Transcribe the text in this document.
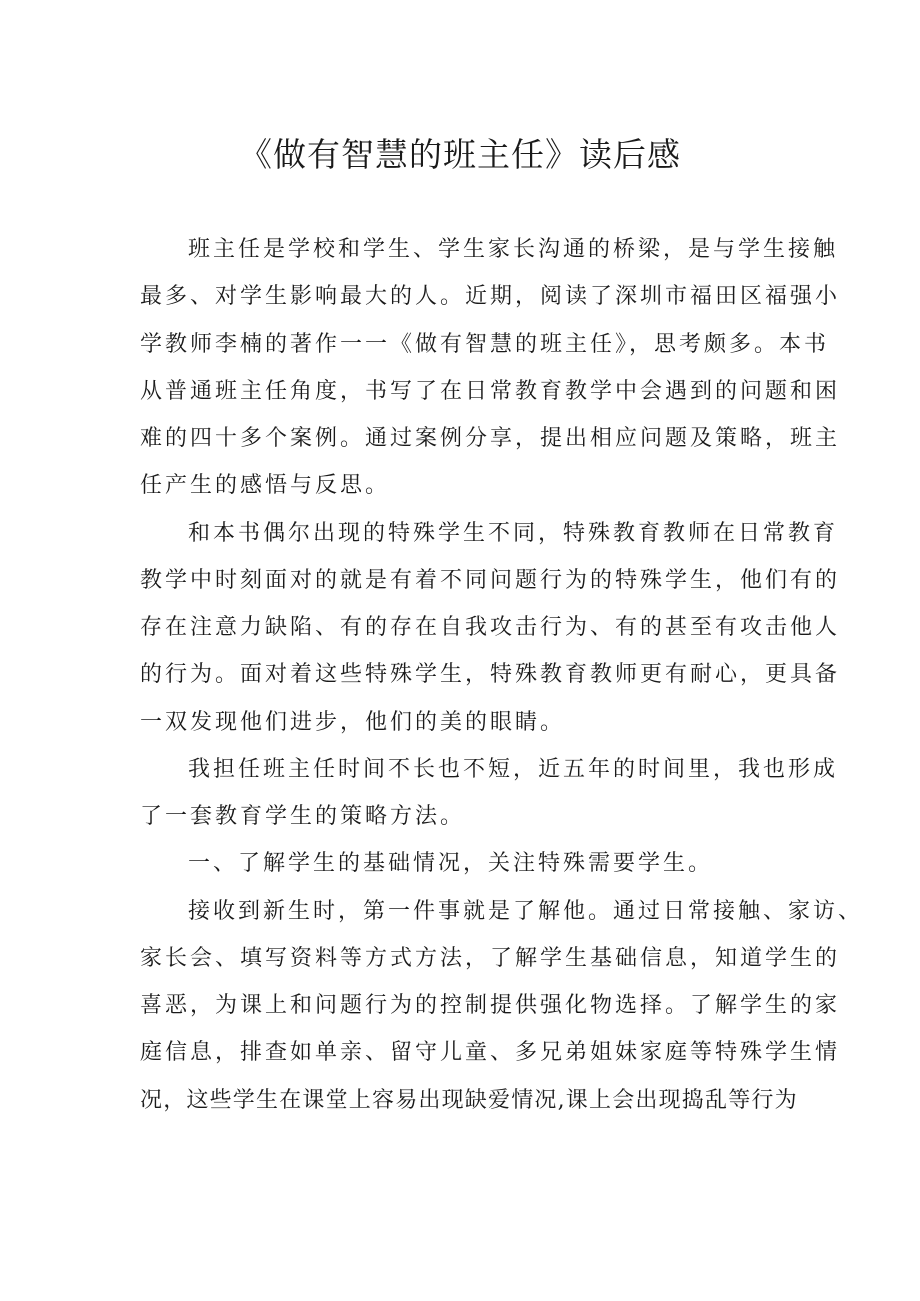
《做有智慧的班主任》读后感
班主任是学校和学生、学生家长沟通的桥梁，是与学生接触
最多、对学生影响最大的人。近期，阅读了深圳市福田区福强小
学教师李楠的著作一一《做有智慧的班主任》，思考颇多。本书
从普通班主任角度，书写了在日常教育教学中会遇到的问题和困
难的四十多个案例。通过案例分享，提出相应问题及策略，班主
任产生的感悟与反思。
和本书偶尔出现的特殊学生不同，特殊教育教师在日常教育
教学中时刻面对的就是有着不同问题行为的特殊学生，他们有的
存在注意力缺陷、有的存在自我攻击行为、有的甚至有攻击他人
的行为。面对着这些特殊学生，特殊教育教师更有耐心，更具备
一双发现他们进步，他们的美的眼睛。
我担任班主任时间不长也不短，近五年的时间里，我也形成
了一套教育学生的策略方法。
一、了解学生的基础情况，关注特殊需要学生。
接收到新生时，第一件事就是了解他。通过日常接触、家访、
家长会、填写资料等方式方法，了解学生基础信息，知道学生的
喜恶，为课上和问题行为的控制提供强化物选择。了解学生的家
庭信息，排查如单亲、留守儿童、多兄弟姐妹家庭等特殊学生情
况，这些学生在课堂上容易出现缺爱情况,课上会出现捣乱等行为
